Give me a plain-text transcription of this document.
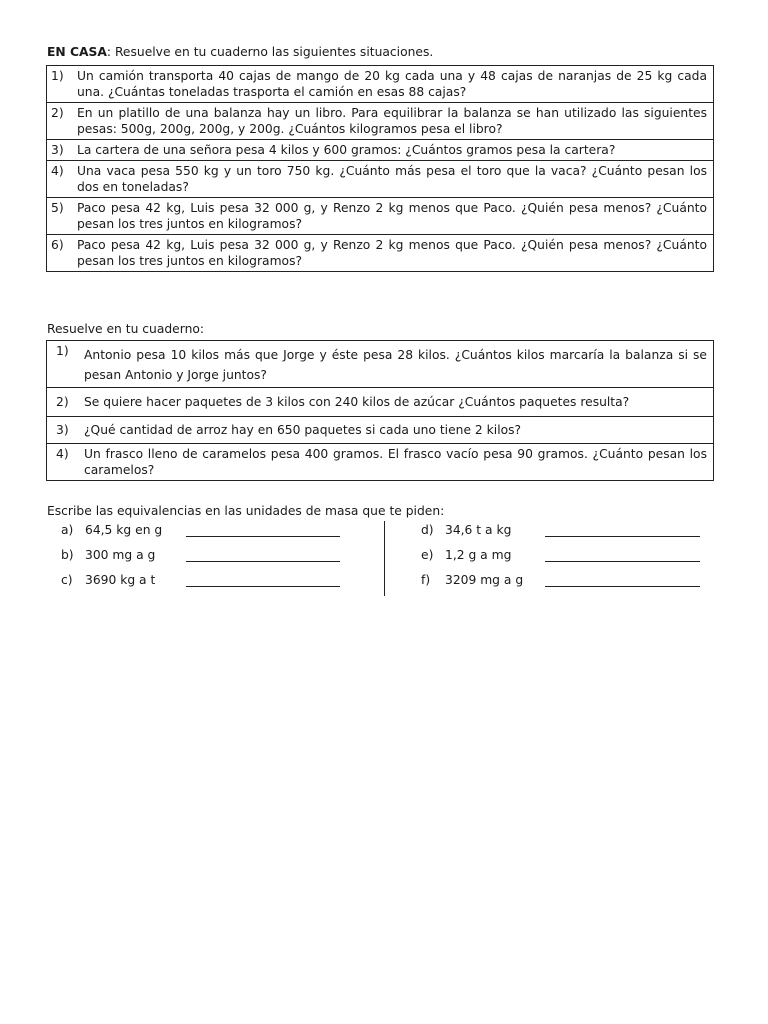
EN CASA: Resuelve en tu cuaderno las siguientes situaciones.
1)	Un camión transporta 40 cajas de mango de 20 kg cada una y 48 cajas de naranjas de 25 kg cada una. ¿Cuántas toneladas trasporta el camión en esas 88 cajas?

2)	En un platillo de una balanza hay un libro. Para equilibrar la balanza se han utilizado las siguientes pesas: 500g, 200g, 200g, y 200g. ¿Cuántos kilogramos pesa el libro?

3)	La cartera de una señora pesa 4 kilos y 600 gramos: ¿Cuántos gramos pesa la cartera?

4)	Una vaca pesa 550 kg y un toro 750 kg. ¿Cuánto más pesa el toro que la vaca? ¿Cuánto pesan los dos en toneladas?

5)	Paco pesa 42 kg, Luis pesa 32 000 g, y Renzo 2 kg menos que Paco. ¿Quién pesa menos? ¿Cuánto pesan los tres juntos en kilogramos?

6)	Paco pesa 42 kg, Luis pesa 32 000 g, y Renzo 2 kg menos que Paco. ¿Quién pesa menos? ¿Cuánto pesan los tres juntos en kilogramos?
Resuelve en tu cuaderno:
1)	Antonio pesa 10 kilos más que Jorge y éste pesa 28 kilos. ¿Cuántos kilos marcaría la balanza si se pesan Antonio y Jorge juntos?

2)	Se quiere hacer paquetes de 3 kilos con 240 kilos de azúcar ¿Cuántos paquetes resulta?

3)	¿Qué cantidad de arroz hay en 650 paquetes si cada uno tiene 2 kilos?

4)	Un frasco lleno de caramelos pesa 400 gramos. El frasco vacío pesa 90 gramos. ¿Cuánto pesan los caramelos?
Escribe las equivalencias en las unidades de masa que te piden:
a) 64,5 kg en g
b) 300 mg a g
c) 3690 kg a t
d) 34,6 t a kg
e) 1,2 g a mg
f) 3209 mg a g
